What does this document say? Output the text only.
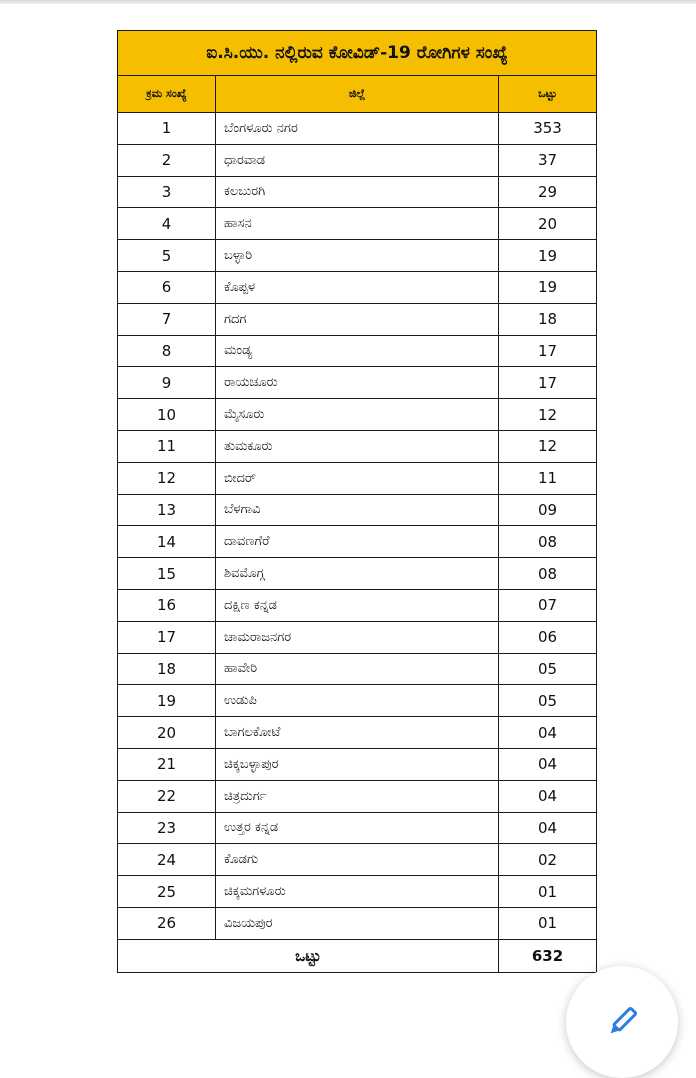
ಐ.ಸಿ.ಯು. ನಲ್ಲಿರುವ ಕೋವಿಡ್-19 ರೋಗಿಗಳ ಸಂಖ್ಯೆ		
ಕ್ರಮ ಸಂಖ್ಯೆ	ಜಿಲ್ಲೆ	ಒಟ್ಟು
1	ಬೆಂಗಳೂರು ನಗರ	353
2	ಧಾರವಾಡ	37
3	ಕಲಬುರಗಿ	29
4	ಹಾಸನ	20
5	ಬಳ್ಳಾರಿ	19
6	ಕೊಪ್ಪಳ	19
7	ಗದಗ	18
8	ಮಂಡ್ಯ	17
9	ರಾಯಚೂರು	17
10	ಮೈಸೂರು	12
11	ತುಮಕೂರು	12
12	ಬೀದರ್	11
13	ಬೆಳಗಾವಿ	09
14	ದಾವಣಗೆರೆ	08
15	ಶಿವಮೊಗ್ಗ	08
16	ದಕ್ಷಿಣ ಕನ್ನಡ	07
17	ಚಾಮರಾಜನಗರ	06
18	ಹಾವೇರಿ	05
19	ಉಡುಪಿ	05
20	ಬಾಗಲಕೋಟೆ	04
21	ಚಿಕ್ಕಬಳ್ಳಾಪುರ	04
22	ಚಿತ್ರದುರ್ಗ	04
23	ಉತ್ತರ ಕನ್ನಡ	04
24	ಕೊಡಗು	02
25	ಚಿಕ್ಕಮಗಳೂರು	01
26	ವಿಜಯಪುರ	01
ಒಟ್ಟು		632
